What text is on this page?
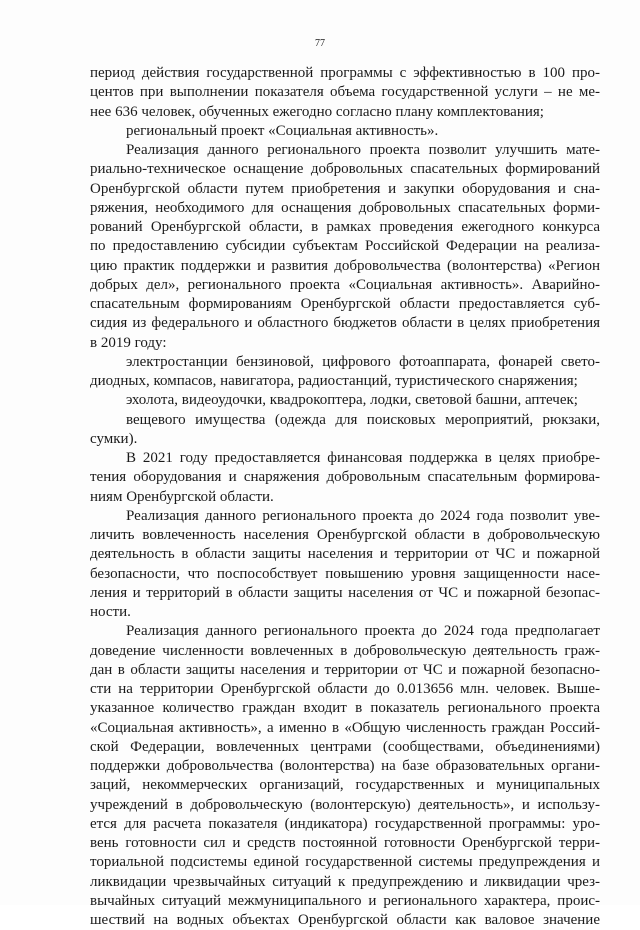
77
период действия государственной программы с эффективностью в 100 про-
центов при выполнении показателя объема государственной услуги – не ме-
нее 636 человек, обученных ежегодно согласно плану комплектования;
региональный проект «Социальная активность».
Реализация данного регионального проекта позволит улучшить мате-
риально-техническое оснащение добровольных спасательных формирований
Оренбургской области путем приобретения и закупки оборудования и сна-
ряжения, необходимого для оснащения добровольных спасательных форми-
рований Оренбургской области, в рамках проведения ежегодного конкурса
по предоставлению субсидии субъектам Российской Федерации на реализа-
цию практик поддержки и развития добровольчества (волонтерства) «Регион
добрых дел», регионального проекта «Социальная активность». Аварийно-
спасательным формированиям Оренбургской области предоставляется суб-
сидия из федерального и областного бюджетов области в целях приобретения
в 2019 году:
электростанции бензиновой, цифрового фотоаппарата, фонарей свето-
диодных, компасов, навигатора, радиостанций, туристического снаряжения;
эхолота, видеоудочки, квадрокоптера, лодки, световой башни, аптечек;
вещевого имущества (одежда для поисковых мероприятий, рюкзаки,
сумки).
В 2021 году предоставляется финансовая поддержка в целях приобре-
тения оборудования и снаряжения добровольным спасательным формирова-
ниям Оренбургской области.
Реализация данного регионального проекта до 2024 года позволит уве-
личить вовлеченность населения Оренбургской области в добровольческую
деятельность в области защиты населения и территории от ЧС и пожарной
безопасности, что поспособствует повышению уровня защищенности насе-
ления и территорий в области защиты населения от ЧС и пожарной безопас-
ности.
Реализация данного регионального проекта до 2024 года предполагает
доведение численности вовлеченных в добровольческую деятельность граж-
дан в области защиты населения и территории от ЧС и пожарной безопасно-
сти на территории Оренбургской области до 0.013656 млн. человек. Выше-
указанное количество граждан входит в показатель регионального проекта
«Социальная активность», а именно в «Общую численность граждан Россий-
ской Федерации, вовлеченных центрами (сообществами, объединениями)
поддержки добровольчества (волонтерства) на базе образовательных органи-
заций, некоммерческих организаций, государственных и муниципальных
учреждений в добровольческую (волонтерскую) деятельность», и использу-
ется для расчета показателя (индикатора) государственной программы: уро-
вень готовности сил и средств постоянной готовности Оренбургской терри-
ториальной подсистемы единой государственной системы предупреждения и
ликвидации чрезвычайных ситуаций к предупреждению и ликвидации чрез-
вычайных ситуаций межмуниципального и регионального характера, проис-
шествий на водных объектах Оренбургской области как валовое значение
